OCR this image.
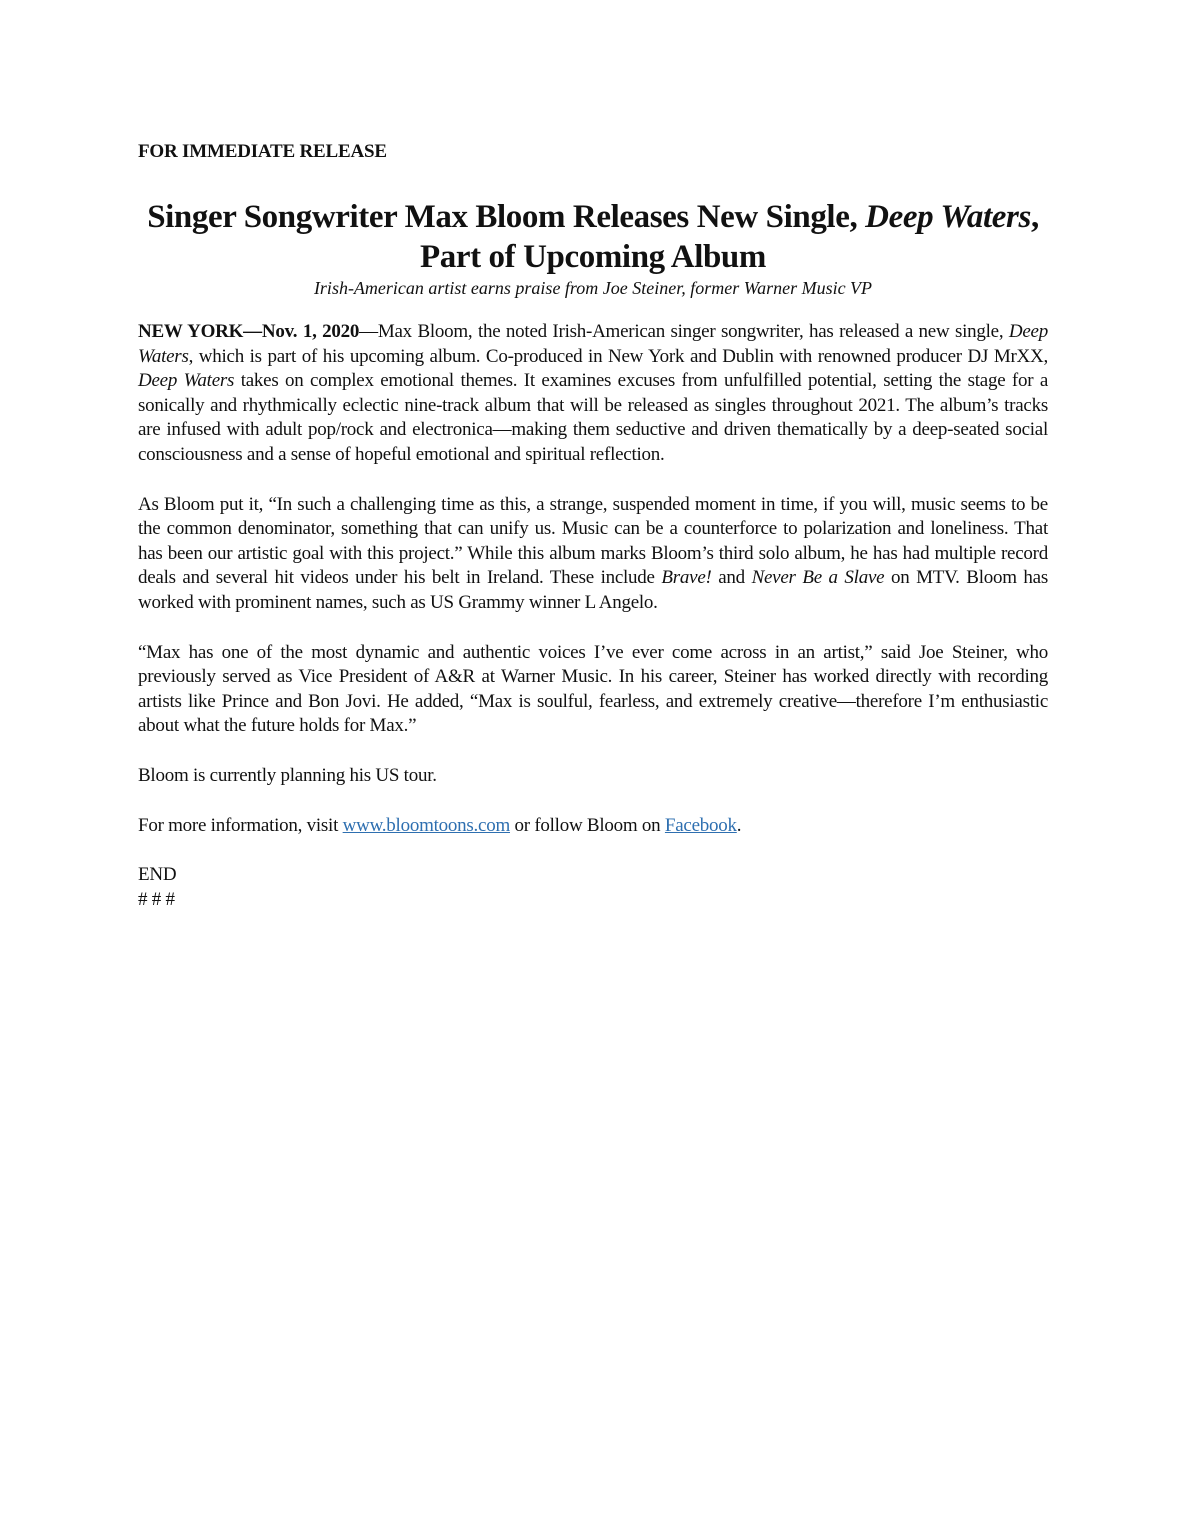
FOR IMMEDIATE RELEASE

Singer Songwriter Max Bloom Releases New Single, Deep Waters, Part of Upcoming Album

Irish-American artist earns praise from Joe Steiner, former Warner Music VP

NEW YORK—Nov. 1, 2020—Max Bloom, the noted Irish-American singer songwriter, has released a new single, Deep Waters, which is part of his upcoming album. Co-produced in New York and Dublin with renowned producer DJ MrXX, Deep Waters takes on complex emotional themes. It examines excuses from unfulfilled potential, setting the stage for a sonically and rhythmically eclectic nine-track album that will be released as singles throughout 2021. The album’s tracks are infused with adult pop/rock and electronica—making them seductive and driven thematically by a deep-seated social consciousness and a sense of hopeful emotional and spiritual reflection.

As Bloom put it, “In such a challenging time as this, a strange, suspended moment in time, if you will, music seems to be the common denominator, something that can unify us. Music can be a counterforce to polarization and loneliness. That has been our artistic goal with this project.” While this album marks Bloom’s third solo album, he has had multiple record deals and several hit videos under his belt in Ireland. These include Brave! and Never Be a Slave on MTV. Bloom has worked with prominent names, such as US Grammy winner L Angelo.

“Max has one of the most dynamic and authentic voices I’ve ever come across in an artist,” said Joe Steiner, who previously served as Vice President of A&R at Warner Music. In his career, Steiner has worked directly with recording artists like Prince and Bon Jovi. He added, “Max is soulful, fearless, and extremely creative—therefore I’m enthusiastic about what the future holds for Max.”

Bloom is currently planning his US tour.

For more information, visit www.bloomtoons.com or follow Bloom on Facebook.

END
# # #
